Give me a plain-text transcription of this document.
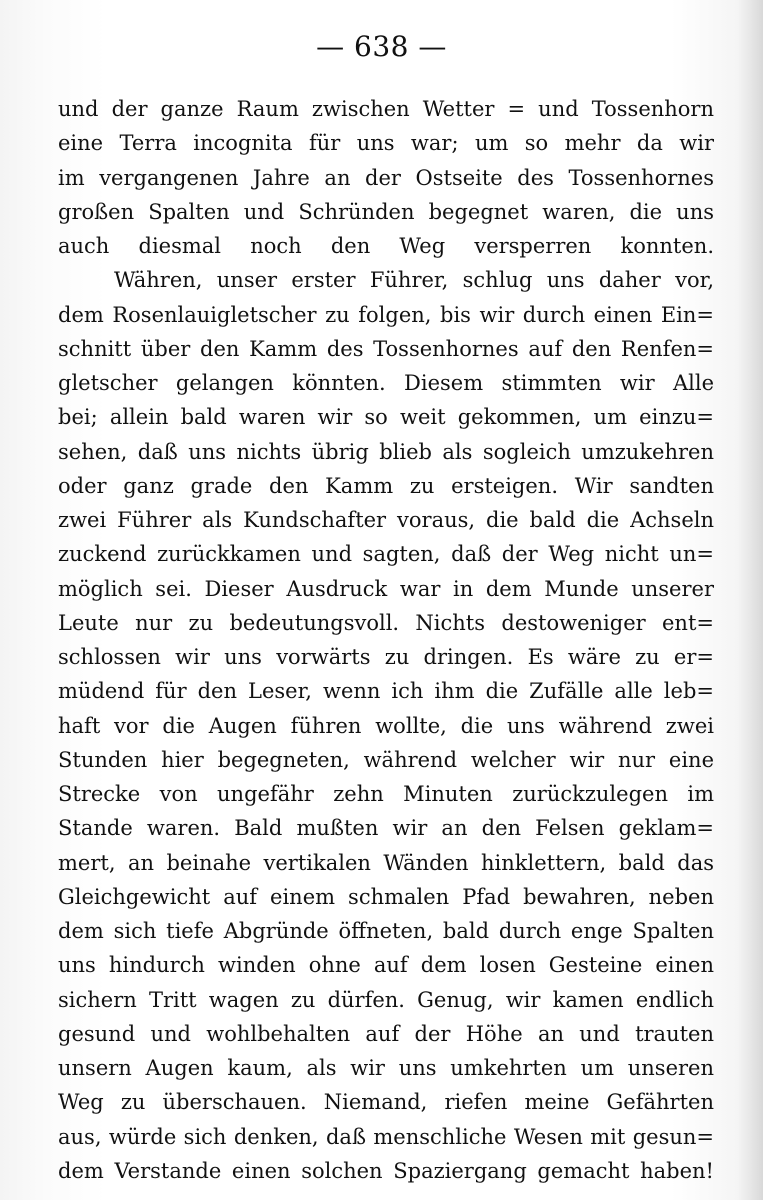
— 638 —
und der ganze Raum zwischen Wetter = und Tossenhorn
eine Terra incognita für uns war; um so mehr da wir
im vergangenen Jahre an der Ostseite des Tossenhornes
großen Spalten und Schründen begegnet waren, die uns
auch diesmal noch den Weg versperren konnten.
Währen, unser erster Führer, schlug uns daher vor,
dem Rosenlauigletscher zu folgen, bis wir durch einen Ein=
schnitt über den Kamm des Tossenhornes auf den Renfen=
gletscher gelangen könnten. Diesem stimmten wir Alle
bei; allein bald waren wir so weit gekommen, um einzu=
sehen, daß uns nichts übrig blieb als sogleich umzukehren
oder ganz grade den Kamm zu ersteigen. Wir sandten
zwei Führer als Kundschafter voraus, die bald die Achseln
zuckend zurückkamen und sagten, daß der Weg nicht un=
möglich sei. Dieser Ausdruck war in dem Munde unserer
Leute nur zu bedeutungsvoll. Nichts destoweniger ent=
schlossen wir uns vorwärts zu dringen. Es wäre zu er=
müdend für den Leser, wenn ich ihm die Zufälle alle leb=
haft vor die Augen führen wollte, die uns während zwei
Stunden hier begegneten, während welcher wir nur eine
Strecke von ungefähr zehn Minuten zurückzulegen im
Stande waren. Bald mußten wir an den Felsen geklam=
mert, an beinahe vertikalen Wänden hinklettern, bald das
Gleichgewicht auf einem schmalen Pfad bewahren, neben
dem sich tiefe Abgründe öffneten, bald durch enge Spalten
uns hindurch winden ohne auf dem losen Gesteine einen
sichern Tritt wagen zu dürfen. Genug, wir kamen endlich
gesund und wohlbehalten auf der Höhe an und trauten
unsern Augen kaum, als wir uns umkehrten um unseren
Weg zu überschauen. Niemand, riefen meine Gefährten
aus, würde sich denken, daß menschliche Wesen mit gesun=
dem Verstande einen solchen Spaziergang gemacht haben!
